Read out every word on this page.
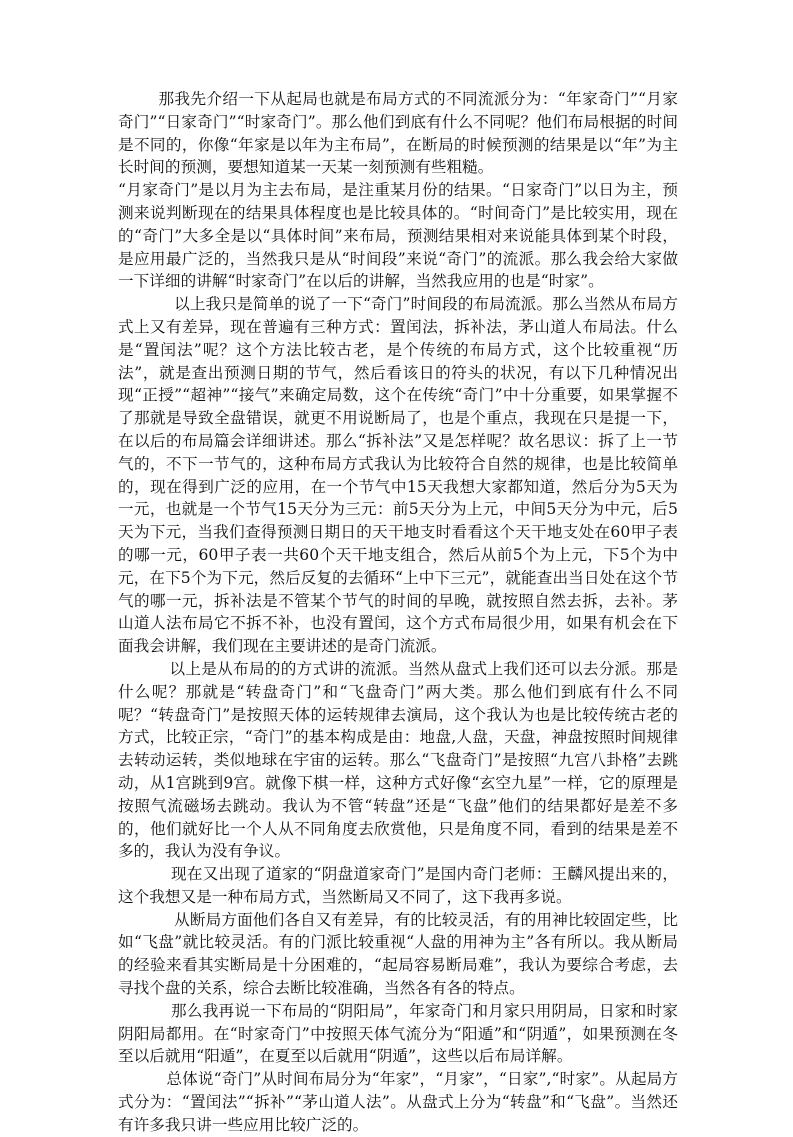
那我先介绍一下从起局也就是布局方式的不同流派分为：“年家奇门”“月家奇门”“日家奇门”“时家奇门”。那么他们到底有什么不同呢？他们布局根据的时间是不同的，你像“年家是以年为主布局”，在断局的时候预测的结果是以“年”为主长时间的预测，要想知道某一天某一刻预测有些粗糙。

“月家奇门”是以月为主去布局，是注重某月份的结果。“日家奇门”以日为主，预测来说判断现在的结果具体程度也是比较具体的。“时间奇门”是比较实用，现在的“奇门”大多全是以“具体时间”来布局，预测结果相对来说能具体到某个时段，是应用最广泛的，当然我只是从“时间段”来说“奇门”的流派。那么我会给大家做一下详细的讲解“时家奇门”在以后的讲解，当然我应用的也是“时家”。

以上我只是简单的说了一下“奇门”时间段的布局流派。那么当然从布局方式上又有差异，现在普遍有三种方式：置闰法，拆补法，茅山道人布局法。什么是“置闰法”呢？这个方法比较古老，是个传统的布局方式，这个比较重视“历法”，就是查出预测日期的节气，然后看该日的符头的状况，有以下几种情况出现“正授”“超神”“接气”来确定局数，这个在传统“奇门”中十分重要，如果掌握不了那就是导致全盘错误，就更不用说断局了，也是个重点，我现在只是提一下，在以后的布局篇会详细讲述。那么“拆补法”又是怎样呢？故名思议：拆了上一节气的，不下一节气的，这种布局方式我认为比较符合自然的规律，也是比较简单的，现在得到广泛的应用，在一个节气中15天我想大家都知道，然后分为5天为一元，也就是一个节气15天分为三元：前5天分为上元，中间5天分为中元，后5天为下元，当我们查得预测日期日的天干地支时看看这个天干地支处在60甲子表的哪一元，60甲子表一共60个天干地支组合，然后从前5个为上元，下5个为中元，在下5个为下元，然后反复的去循环“上中下三元”，就能查出当日处在这个节气的哪一元，拆补法是不管某个节气的时间的早晚，就按照自然去拆，去补。茅山道人法布局它不拆不补，也没有置闰，这个方式布局很少用，如果有机会在下面我会讲解，我们现在主要讲述的是奇门流派。

以上是从布局的的方式讲的流派。当然从盘式上我们还可以去分派。那是什么呢？那就是“转盘奇门”和“飞盘奇门”两大类。那么他们到底有什么不同呢？“转盘奇门”是按照天体的运转规律去演局，这个我认为也是比较传统古老的方式，比较正宗，“奇门”的基本构成是由：地盘,人盘，天盘，神盘按照时间规律去转动运转，类似地球在宇宙的运转。那么“飞盘奇门”是按照“九宫八卦格”去跳动，从1宫跳到9宫。就像下棋一样，这种方式好像“玄空九星”一样，它的原理是按照气流磁场去跳动。我认为不管“转盘”还是“飞盘”他们的结果都好是差不多的，他们就好比一个人从不同角度去欣赏他，只是角度不同，看到的结果是差不多的，我认为没有争议。

现在又出现了道家的“阴盘道家奇门”是国内奇门老师：王麟风提出来的，这个我想又是一种布局方式，当然断局又不同了，这下我再多说。

从断局方面他们各自又有差异，有的比较灵活，有的用神比较固定些，比如“飞盘”就比较灵活。有的门派比较重视“人盘的用神为主”各有所以。我从断局的经验来看其实断局是十分困难的，“起局容易断局难”，我认为要综合考虑，去寻找个盘的关系，综合去断比较准确，当然各有各的特点。

那么我再说一下布局的“阴阳局”，年家奇门和月家只用阴局，日家和时家阴阳局都用。在“时家奇门”中按照天体气流分为“阳遁”和“阴遁”，如果预测在冬至以后就用“阳遁”，在夏至以后就用“阴遁”，这些以后布局详解。

总体说“奇门”从时间布局分为“年家”，“月家”，“日家”,“时家”。从起局方式分为：“置闰法”“拆补”“茅山道人法”。从盘式上分为“转盘”和“飞盘”。当然还有许多我只讲一些应用比较广泛的。
